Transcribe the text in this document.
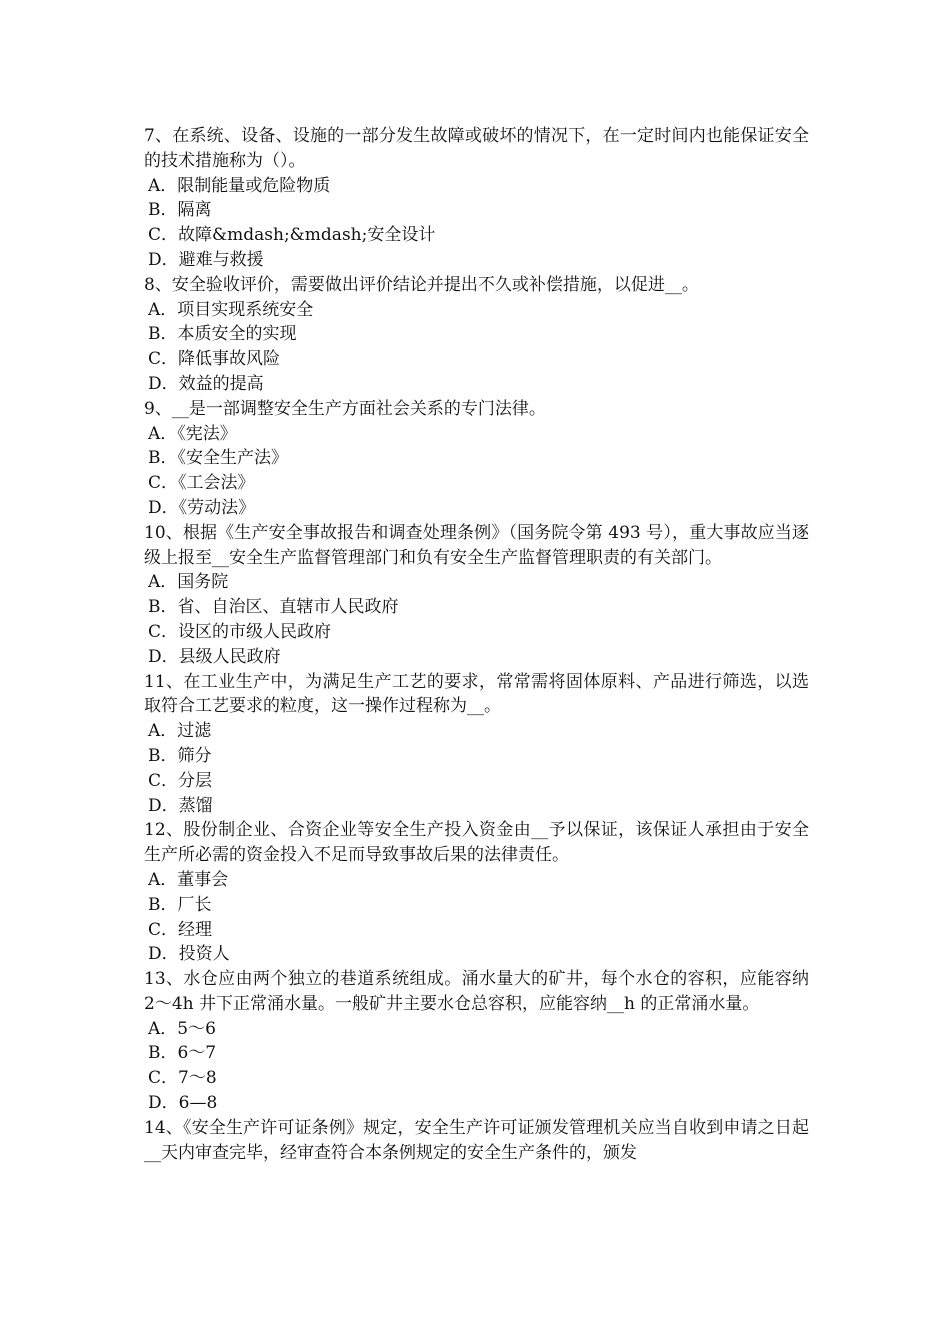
7、在系统、设备、设施的一部分发生故障或破坏的情况下，在一定时间内也能保证安全的技术措施称为（）。

A．限制能量或危险物质

B．隔离

C．故障&mdash;&mdash;安全设计

D．避难与救援

8、安全验收评价，需要做出评价结论并提出不久或补偿措施，以促进__。

A．项目实现系统安全

B．本质安全的实现

C．降低事故风险

D．效益的提高

9、__是一部调整安全生产方面社会关系的专门法律。

A．《宪法》

B．《安全生产法》

C．《工会法》

D．《劳动法》

10、根据《生产安全事故报告和调查处理条例》（国务院令第 493 号），重大事故应当逐级上报至__安全生产监督管理部门和负有安全生产监督管理职责的有关部门。

A．国务院

B．省、自治区、直辖市人民政府

C．设区的市级人民政府

D．县级人民政府

11、在工业生产中，为满足生产工艺的要求，常常需将固体原料、产品进行筛选，以选取符合工艺要求的粒度，这一操作过程称为__。

A．过滤

B．筛分

C．分层

D．蒸馏

12、股份制企业、合资企业等安全生产投入资金由__予以保证，该保证人承担由于安全生产所必需的资金投入不足而导致事故后果的法律责任。

A．董事会

B．厂长

C．经理

D．投资人

13、水仓应由两个独立的巷道系统组成。涌水量大的矿井，每个水仓的容积，应能容纳 2～4h 井下正常涌水量。一般矿井主要水仓总容积，应能容纳__h 的正常涌水量。

A．5～6

B．6～7

C．7～8

D．6—8

14、《安全生产许可证条例》规定，安全生产许可证颁发管理机关应当自收到申请之日起__天内审查完毕，经审查符合本条例规定的安全生产条件的，颁发
